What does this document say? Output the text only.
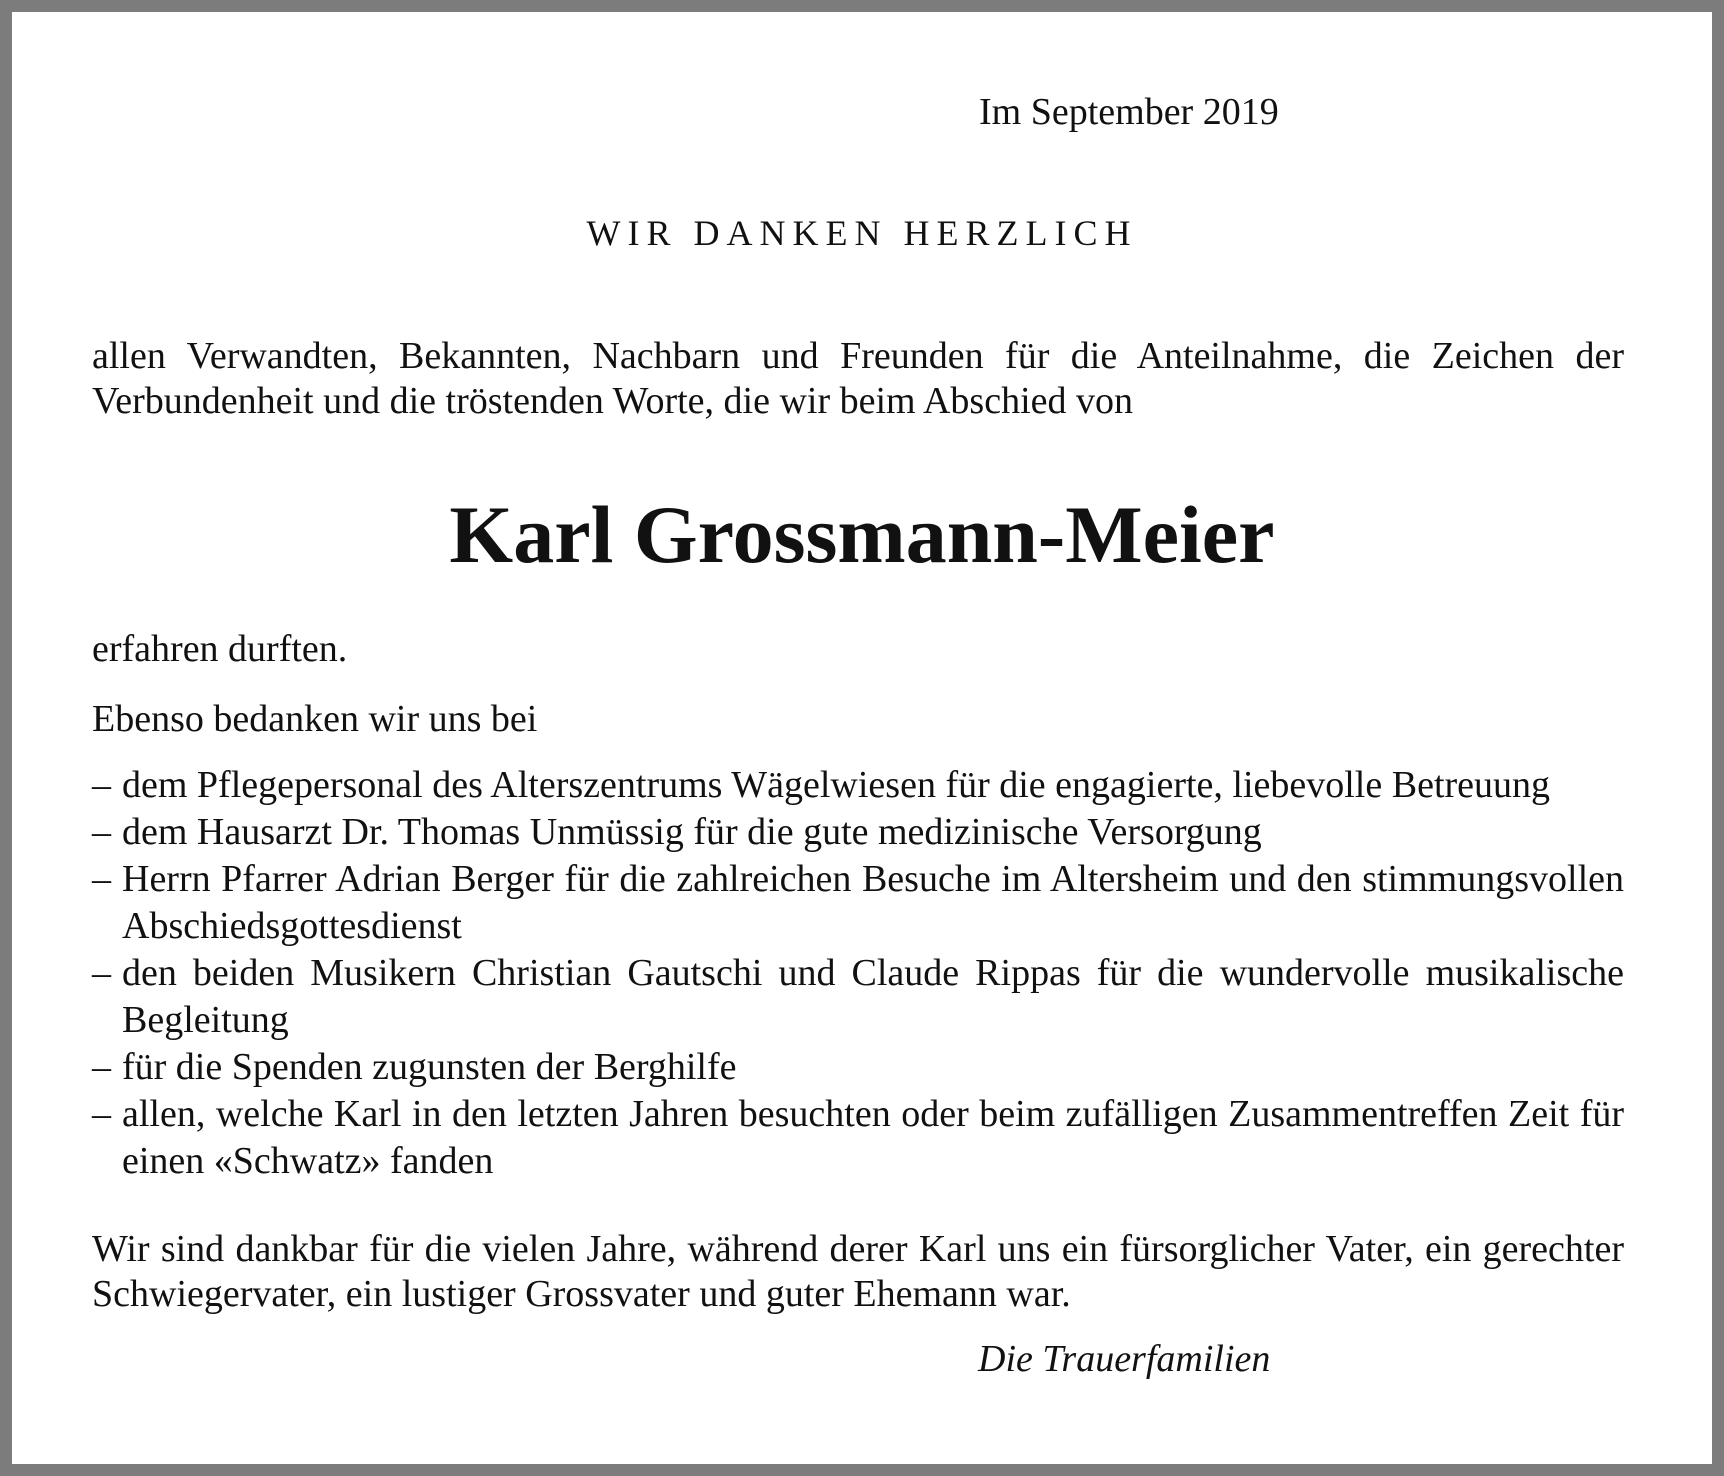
Im September 2019

WIR DANKEN HERZLICH

allen Verwandten, Bekannten, Nachbarn und Freunden für die Anteilnahme, die Zeichen der Verbundenheit und die tröstenden Worte, die wir beim Abschied von

Karl Grossmann-Meier

erfahren durften.

Ebenso bedanken wir uns bei

– dem Pflegepersonal des Alterszentrums Wägelwiesen für die engagierte, liebevolle Betreuung
– dem Hausarzt Dr. Thomas Unmüssig für die gute medizinische Versorgung
– Herrn Pfarrer Adrian Berger für die zahlreichen Besuche im Altersheim und den stimmungsvollen Abschiedsgottesdienst
– den beiden Musikern Christian Gautschi und Claude Rippas für die wundervolle musikalische Begleitung
– für die Spenden zugunsten der Berghilfe
– allen, welche Karl in den letzten Jahren besuchten oder beim zufälligen Zusammentreffen Zeit für einen «Schwatz» fanden

Wir sind dankbar für die vielen Jahre, während derer Karl uns ein fürsorglicher Vater, ein gerechter Schwiegervater, ein lustiger Grossvater und guter Ehemann war.

Die Trauerfamilien
